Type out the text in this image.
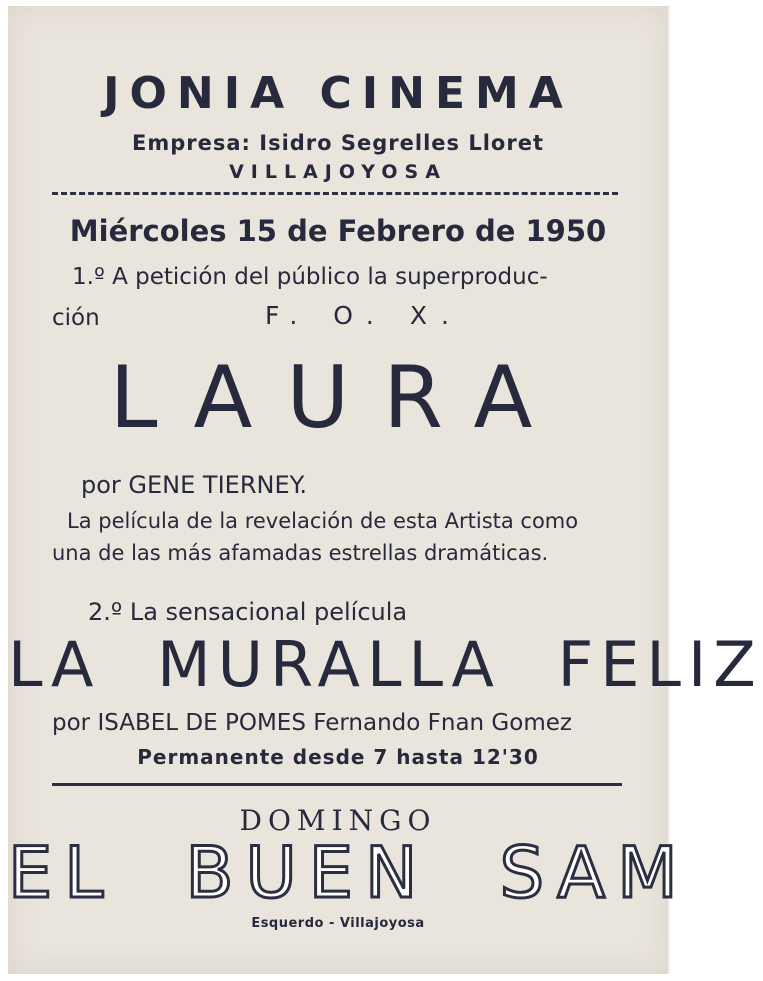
JONIA CINEMA
Empresa: Isidro Segrelles Lloret
VILLAJOYOSA
Miércoles 15 de Febrero de 1950
1.º A petición del público la superproduc-
ción	F. O. X.
LAURA
por GENE TIERNEY.
La película de la revelación de esta Artista como
una de las más afamadas estrellas dramáticas.
2.º La sensacional película
LA MURALLA FELIZ
por ISABEL DE POMES Fernando Fnan Gomez
Permanente desde 7 hasta 12'30
DOMINGO
EL BUEN SAM
Esquerdo - Villajoyosa
